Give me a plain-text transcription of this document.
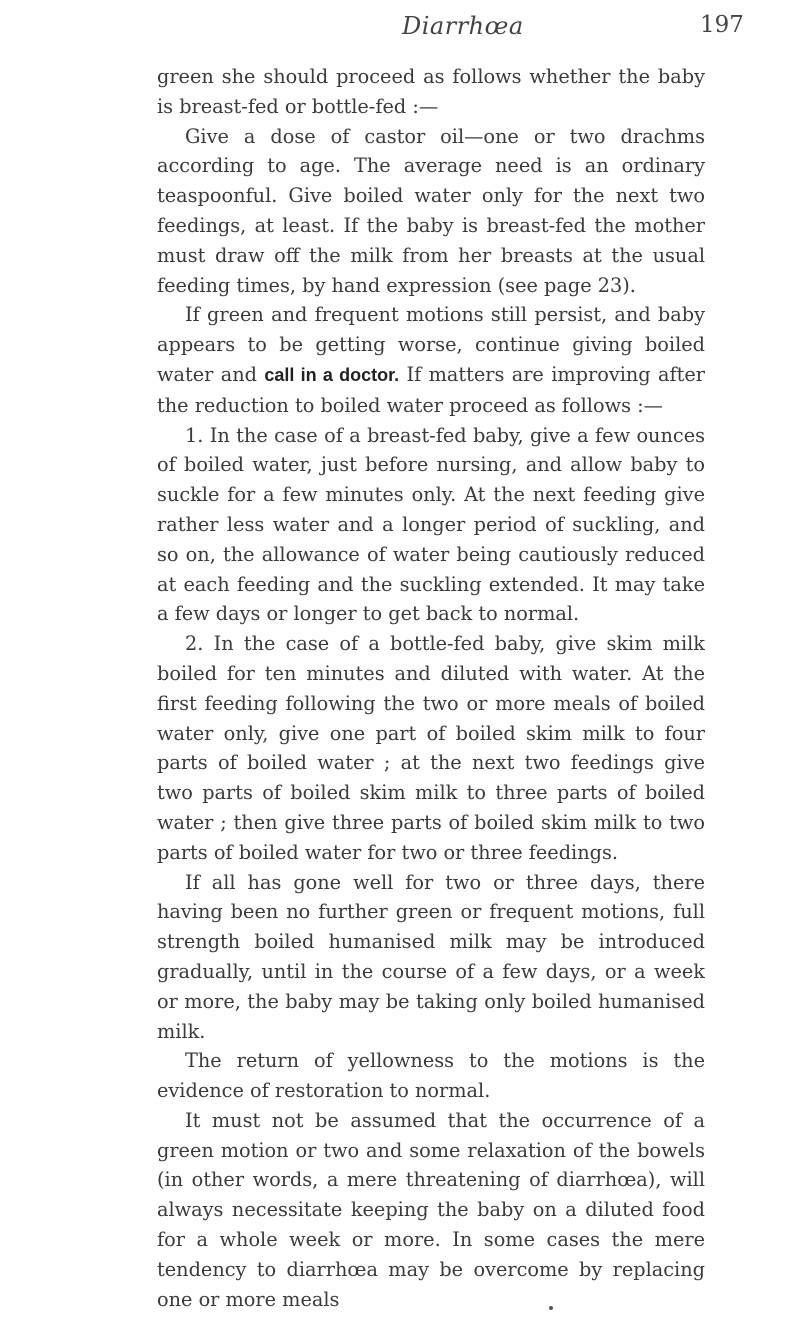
Diarrhœa	197

green she should proceed as follows whether the baby is breast-fed or bottle-fed :—

Give a dose of castor oil—one or two drachms according to age. The average need is an ordinary teaspoonful. Give boiled water only for the next two feedings, at least. If the baby is breast-fed the mother must draw off the milk from her breasts at the usual feeding times, by hand expression (see page 23).

If green and frequent motions still persist, and baby appears to be getting worse, continue giving boiled water and call in a doctor. If matters are improving after the reduction to boiled water proceed as follows :—

1. In the case of a breast-fed baby, give a few ounces of boiled water, just before nursing, and allow baby to suckle for a few minutes only. At the next feeding give rather less water and a longer period of suckling, and so on, the allowance of water being cautiously reduced at each feeding and the suckling extended. It may take a few days or longer to get back to normal.

2. In the case of a bottle-fed baby, give skim milk boiled for ten minutes and diluted with water. At the first feeding following the two or more meals of boiled water only, give one part of boiled skim milk to four parts of boiled water ; at the next two feedings give two parts of boiled skim milk to three parts of boiled water ; then give three parts of boiled skim milk to two parts of boiled water for two or three feedings.

If all has gone well for two or three days, there having been no further green or frequent motions, full strength boiled humanised milk may be introduced gradually, until in the course of a few days, or a week or more, the baby may be taking only boiled humanised milk.

The return of yellowness to the motions is the evidence of restoration to normal.

It must not be assumed that the occurrence of a green motion or two and some relaxation of the bowels (in other words, a mere threatening of diarrhœa), will always necessitate keeping the baby on a diluted food for a whole week or more. In some cases the mere tendency to diarrhœa may be overcome by replacing one or more meals
